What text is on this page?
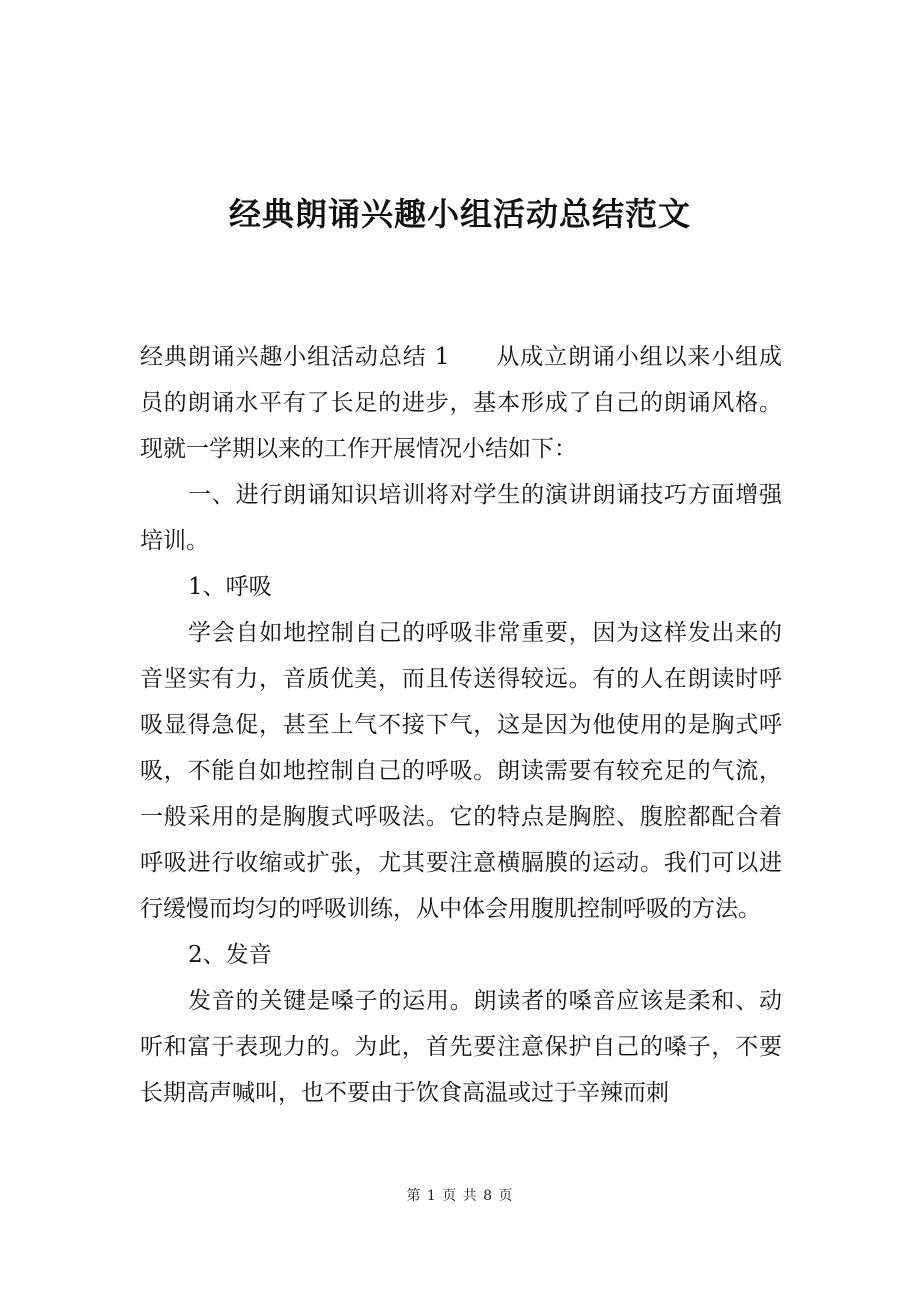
经典朗诵兴趣小组活动总结范文

经典朗诵兴趣小组活动总结 1 从成立朗诵小组以来小组成员的朗诵水平有了长足的进步，基本形成了自己的朗诵风格。现就一学期以来的工作开展情况小结如下：

一、进行朗诵知识培训将对学生的演讲朗诵技巧方面增强培训。

1、呼吸

学会自如地控制自己的呼吸非常重要，因为这样发出来的音坚实有力，音质优美，而且传送得较远。有的人在朗读时呼吸显得急促，甚至上气不接下气，这是因为他使用的是胸式呼吸，不能自如地控制自己的呼吸。朗读需要有较充足的气流，一般采用的是胸腹式呼吸法。它的特点是胸腔、腹腔都配合着呼吸进行收缩或扩张，尤其要注意横膈膜的运动。我们可以进行缓慢而均匀的呼吸训练，从中体会用腹肌控制呼吸的方法。

2、发音

发音的关键是嗓子的运用。朗读者的嗓音应该是柔和、动听和富于表现力的。为此，首先要注意保护自己的嗓子，不要长期高声喊叫，也不要由于饮食高温或过于辛辣而刺

第 1 页 共 8 页
